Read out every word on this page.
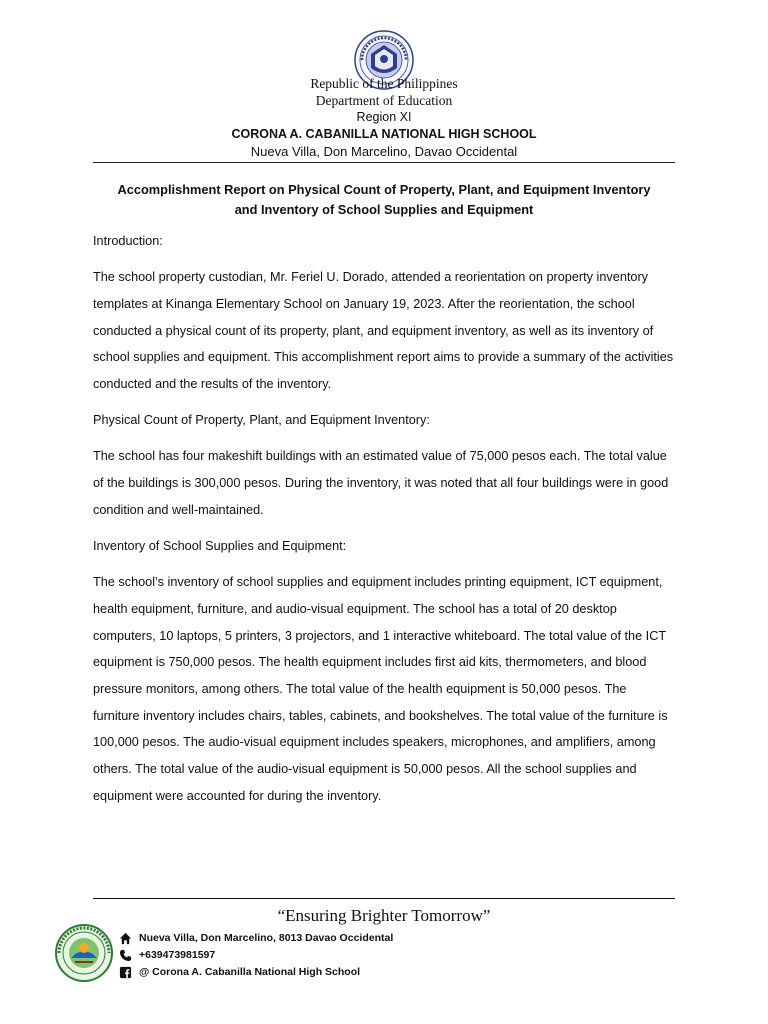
Republic of the Philippines
Department of Education
Region XI
CORONA A. CABANILLA NATIONAL HIGH SCHOOL
Nueva Villa, Don Marcelino, Davao Occidental
Accomplishment Report on Physical Count of Property, Plant, and Equipment Inventory
and Inventory of School Supplies and Equipment

Introduction:

The school property custodian, Mr. Feriel U. Dorado, attended a reorientation on property inventory templates at Kinanga Elementary School on January 19, 2023. After the reorientation, the school conducted a physical count of its property, plant, and equipment inventory, as well as its inventory of school supplies and equipment. This accomplishment report aims to provide a summary of the activities conducted and the results of the inventory.

Physical Count of Property, Plant, and Equipment Inventory:

The school has four makeshift buildings with an estimated value of 75,000 pesos each. The total value of the buildings is 300,000 pesos. During the inventory, it was noted that all four buildings were in good condition and well-maintained.

Inventory of School Supplies and Equipment:

The school’s inventory of school supplies and equipment includes printing equipment, ICT equipment, health equipment, furniture, and audio-visual equipment. The school has a total of 20 desktop computers, 10 laptops, 5 printers, 3 projectors, and 1 interactive whiteboard. The total value of the ICT equipment is 750,000 pesos. The health equipment includes first aid kits, thermometers, and blood pressure monitors, among others. The total value of the health equipment is 50,000 pesos. The furniture inventory includes chairs, tables, cabinets, and bookshelves. The total value of the furniture is 100,000 pesos. The audio-visual equipment includes speakers, microphones, and amplifiers, among others. The total value of the audio-visual equipment is 50,000 pesos. All the school supplies and equipment were accounted for during the inventory.

“Ensuring Brighter Tomorrow”
Nueva Villa, Don Marcelino, 8013 Davao Occidental
+639473981597
@ Corona A. Cabanilla National High School
